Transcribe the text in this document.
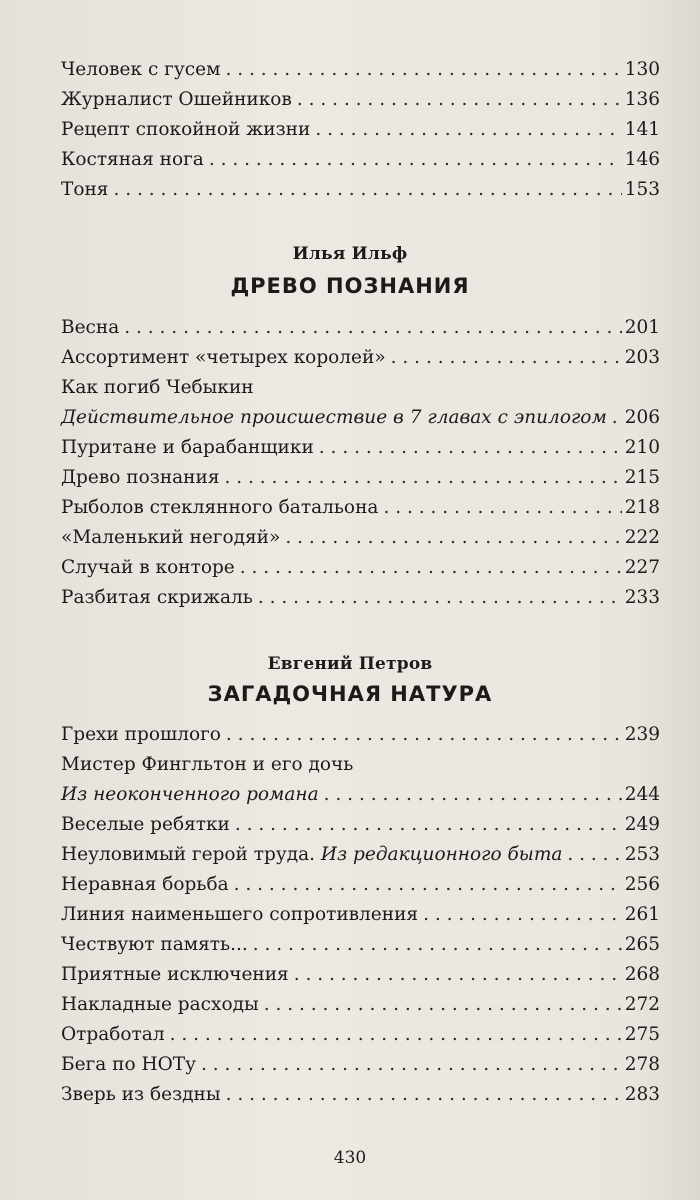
Человек с гусем . . .	130
Журналист Ошейников . . .	136
Рецепт спокойной жизни . . .	141
Костяная нога . . .	146
Тоня . . .	153
Илья Ильф
ДРЕВО ПОЗНАНИЯ
Весна . . .	201
Ассортимент «четырех королей» . . .	203
Как погиб Чебыкин
Действительное происшествие в 7 главах с эпилогом . . . 206
Пуритане и барабанщики . . .	210
Древо познания . . .	215
Рыболов стеклянного батальона . . .	218
«Маленький негодяй» . . .	222
Случай в конторе . . .	227
Разбитая скрижаль . . .	233
Евгений Петров
ЗАГАДОЧНАЯ НАТУРА
Грехи прошлого . . .	239
Мистер Фингльтон и его дочь
Из неоконченного романа . . .	244
Веселые ребятки . . .	249
Неуловимый герой труда. Из редакционного быта . . .	253
Неравная борьба . . .	256
Линия наименьшего сопротивления . . .	261
Чествуют память... . . .	265
Приятные исключения . . .	268
Накладные расходы . . .	272
Отработал . . .	275
Бега по НОТу . . .	278
Зверь из бездны . . .	283
430
